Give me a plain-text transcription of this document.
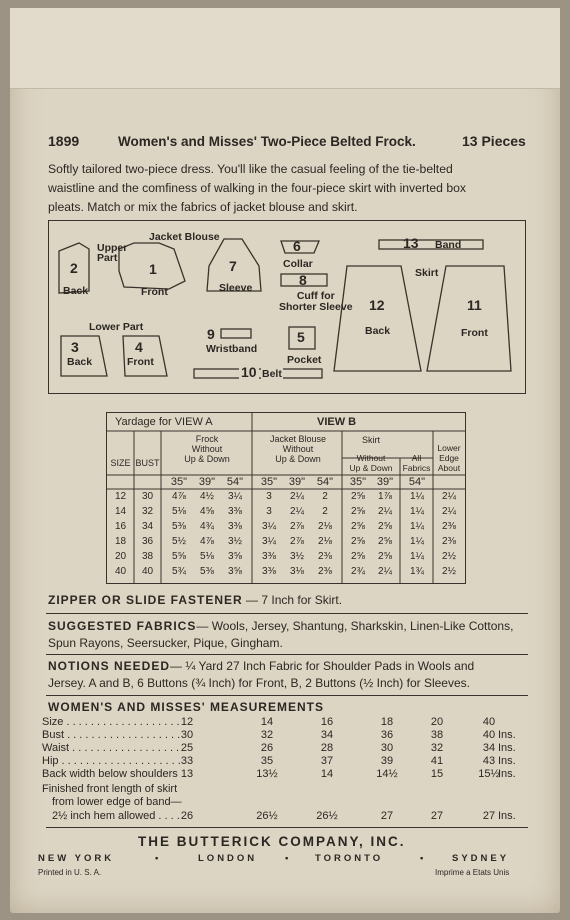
1899	Women's and Misses' Two-Piece Belted Frock.	13 Pieces
Softly tailored two-piece dress. You'll like the casual feeling of the tie-belted
waistline and the comfiness of walking in the four-piece skirt with inverted box
pleats. Match or mix the fabrics of jacket blouse and skirt.
2
Back
Upper
Part
Jacket Blouse
1
Front
7
Sleeve
6
Collar
8
Cuff for
Shorter Sleeve
13 Band
Skirt
12
Back
11
Front
Lower Part
3
Back
4
Front
9
Wristband
5
Pocket
10 Belt
Yardage for VIEW A	VIEW B
Frock
Without
Up & Down
Jacket Blouse
Without
Up & Down
Skirt
Without
Up & Down
All
Fabrics
Lower
Edge
About
SIZE BUST
35"	39"	54"	35"	39"	54"	35" 39"	54"
12	30	4⅞	4½	3¼	3	2¼	2	2⅝	1⅞	1¼	2¼
14	32	5⅛	4⅝	3⅜	3	2¼	2	2⅝	2¼	1¼	2¼
16	34	5⅜	4¾	3⅜	3¼	2⅞	2⅛	2⅝	2⅝	1¼	2⅜
18	36	5½	4⅞	3½	3¼	2⅞	2⅛	2⅝	2⅝	1¼	2⅜
20	38	5⅝	5⅛	3⅝	3⅜	3½	2⅜	2⅝	2⅝	1¼	2½
40	40	5¾	5⅜	3⅝	3⅜	3⅛	2⅜	2¾	2¼	1¾	2½
ZIPPER OR SLIDE FASTENER — 7 Inch for Skirt.
SUGGESTED FABRICS— Wools, Jersey, Shantung, Sharkskin, Linen-Like Cottons,
Spun Rayons, Seersucker, Pique, Gingham.
NOTIONS NEEDED— ¼ Yard 27 Inch Fabric for Shoulder Pads in Wools and
Jersey. A and B, 6 Buttons (¾ Inch) for Front, B, 2 Buttons (½ Inch) for Sleeves.
WOMEN'S AND MISSES' MEASUREMENTS
Size . . . . . . . . . . . . . . . . . . . 12	14	16	18	20	40
Bust . . . . . . . . . . . . . . . . . . . 30	32	34	36	38	40 Ins.
Waist . . . . . . . . . . . . . . . . . . 25	26	28	30	32	34 Ins.
Hip . . . . . . . . . . . . . . . . . . . . 33	35	37	39	41	43 Ins.
Back width below shoulders 13	13½	14	14½	15	15½
Ins.
Finished front length of skirt
from lower edge of band—
2½ inch hem allowed . . . . 26	26½	26½	27	27	27 Ins.
THE BUTTERICK COMPANY, INC.
NEW YORK	•	LONDON	• TORONTO	•	SYDNEY
Printed in U. S. A.	Imprime a Etats Unis
